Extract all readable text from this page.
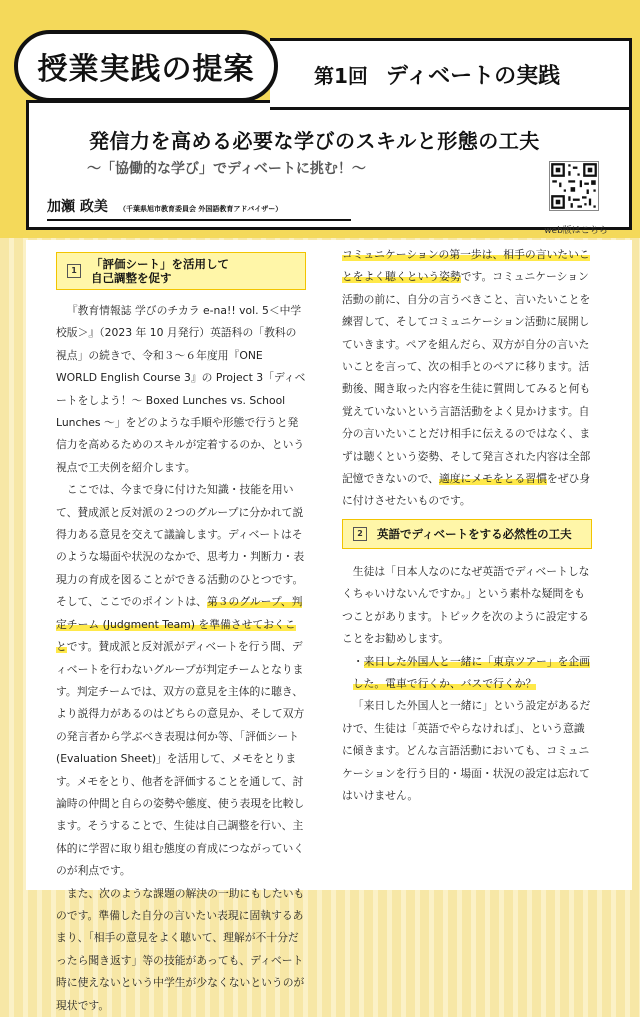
授業実践の提案	第1回 ディベートの実践
発信力を高める必要な学びのスキルと形態の工夫
～「協働的な学び」でディベートに挑む！～
加瀬 政美 （千葉県旭市教育委員会 外国語教育アドバイザー）
web版はこちら
1	「評価シート」を活用して
自己調整を促す

『教育情報誌 学びのチカラ e-na!! vol. 5＜中学校版＞』（2023 年 10 月発行）英語科の「教科の視点」の続きで、令和３～６年度用『ONE WORLD English Course 3』の Project 3「ディベートをしよう！～ Boxed Lunches vs. School Lunches ～」をどのような手順や形態で行うと発信力を高めるためのスキルが定着するのか、という視点で工夫例を紹介します。

ここでは、今まで身に付けた知識・技能を用いて、賛成派と反対派の２つのグループに分かれて説得力ある意見を交えて議論します。ディベートはそのような場面や状況のなかで、思考力・判断力・表現力の育成を図ることができる活動のひとつです。そして、ここでのポイントは、第３のグループ、判定チーム (Judgment Team) を準備させておくことです。賛成派と反対派がディベートを行う間、ディベートを行わないグループが判定チームとなります。判定チームでは、双方の意見を主体的に聴き、より説得力があるのはどちらの意見か、そして双方の発言者から学ぶべき表現は何か等、「評価シート (Evaluation Sheet)」を活用して、メモをとります。メモをとり、他者を評価することを通して、討論時の仲間と自らの姿勢や態度、使う表現を比較します。そうすることで、生徒は自己調整を行い、主体的に学習に取り組む態度の育成につながっていくのが利点です。

また、次のような課題の解決の一助にもしたいものです。準備した自分の言いたい表現に固執するあまり、「相手の意見をよく聴いて、理解が不十分だったら聞き返す」等の技能があっても、ディベート時に使えないという中学生が少なくないというのが現状です。

コミュニケーションの第一歩は、相手の言いたいことをよく聴くという姿勢です。コミュニケーション活動の前に、自分の言うべきこと、言いたいことを練習して、そしてコミュニケーション活動に展開していきます。ペアを組んだら、双方が自分の言いたいことを言って、次の相手とのペアに移ります。活動後、聞き取った内容を生徒に質問してみると何も覚えていないという言語活動をよく見かけます。自分の言いたいことだけ相手に伝えるのではなく、まずは聴くという姿勢、そして発言された内容は全部記憶できないので、適度にメモをとる習慣をぜひ身に付けさせたいものです。

2	英語でディベートをする必然性の工夫

生徒は「日本人なのになぜ英語でディベートしなくちゃいけないんですか。」という素朴な疑問をもつことがあります。トピックを次のように設定することをお勧めします。

・来日した外国人と一緒に「東京ツアー」を企画した。電車で行くか、バスで行くか？

「来日した外国人と一緒に」という設定があるだけで、生徒は「英語でやらなければ」、という意識に傾きます。どんな言語活動においても、コミュニケーションを行う目的・場面・状況の設定は忘れてはいけません。
